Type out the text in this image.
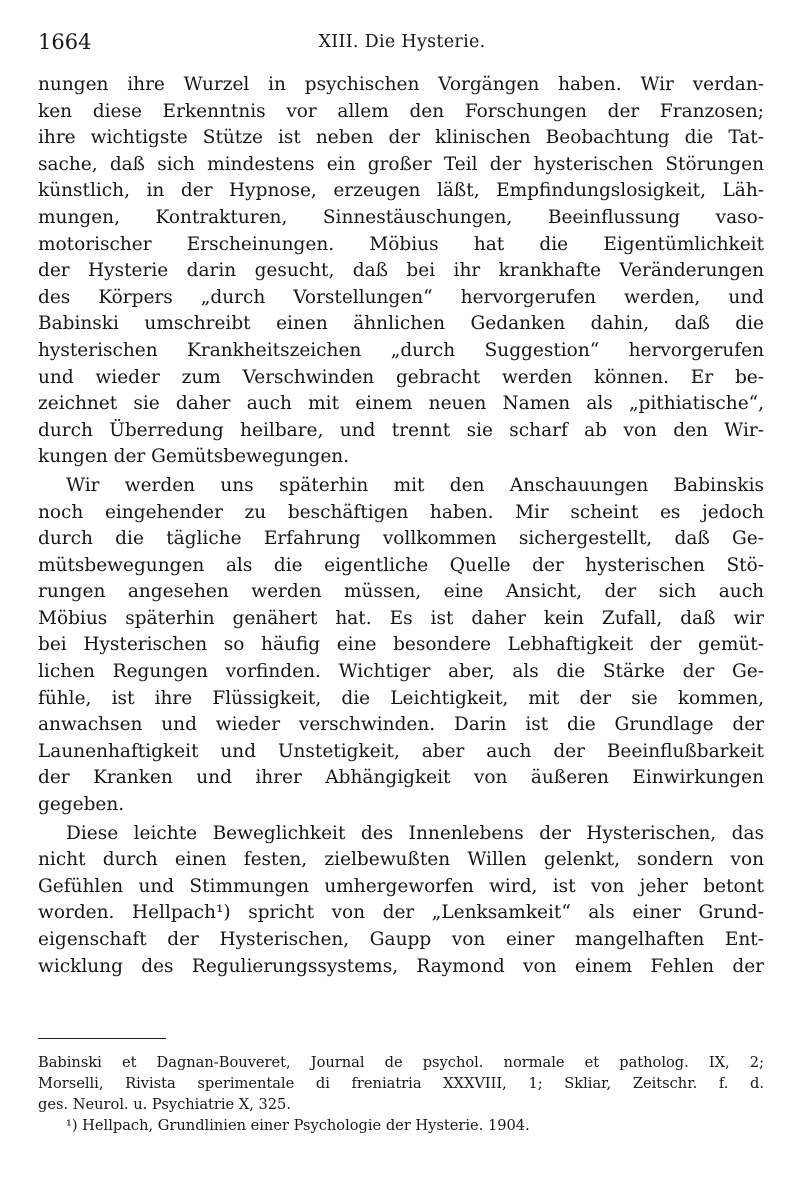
1664	XIII. Die Hysterie.
nungen ihre Wurzel in psychischen Vorgängen haben. Wir verdan-
ken diese Erkenntnis vor allem den Forschungen der Franzosen;
ihre wichtigste Stütze ist neben der klinischen Beobachtung die Tat-
sache, daß sich mindestens ein großer Teil der hysterischen Störungen
künstlich, in der Hypnose, erzeugen läßt, Empfindungslosigkeit, Läh-
mungen, Kontrakturen, Sinnestäuschungen, Beeinflussung vaso-
motorischer Erscheinungen. Möbius hat die Eigentümlichkeit
der Hysterie darin gesucht, daß bei ihr krankhafte Veränderungen
des Körpers „durch Vorstellungen“ hervorgerufen werden, und
Babinski umschreibt einen ähnlichen Gedanken dahin, daß die
hysterischen Krankheitszeichen „durch Suggestion“ hervorgerufen
und wieder zum Verschwinden gebracht werden können. Er be-
zeichnet sie daher auch mit einem neuen Namen als „pithiatische“,
durch Überredung heilbare, und trennt sie scharf ab von den Wir-
kungen der Gemütsbewegungen.
Wir werden uns späterhin mit den Anschauungen Babinskis
noch eingehender zu beschäftigen haben. Mir scheint es jedoch
durch die tägliche Erfahrung vollkommen sichergestellt, daß Ge-
mütsbewegungen als die eigentliche Quelle der hysterischen Stö-
rungen angesehen werden müssen, eine Ansicht, der sich auch
Möbius späterhin genähert hat. Es ist daher kein Zufall, daß wir
bei Hysterischen so häufig eine besondere Lebhaftigkeit der gemüt-
lichen Regungen vorfinden. Wichtiger aber, als die Stärke der Ge-
fühle, ist ihre Flüssigkeit, die Leichtigkeit, mit der sie kommen,
anwachsen und wieder verschwinden. Darin ist die Grundlage der
Launenhaftigkeit und Unstetigkeit, aber auch der Beeinflußbarkeit
der Kranken und ihrer Abhängigkeit von äußeren Einwirkungen
gegeben.
Diese leichte Beweglichkeit des Innenlebens der Hysterischen, das
nicht durch einen festen, zielbewußten Willen gelenkt, sondern von
Gefühlen und Stimmungen umhergeworfen wird, ist von jeher betont
worden. Hellpach¹) spricht von der „Lenksamkeit“ als einer Grund-
eigenschaft der Hysterischen, Gaupp von einer mangelhaften Ent-
wicklung des Regulierungssystems, Raymond von einem Fehlen der
Babinski et Dagnan-Bouveret, Journal de psychol. normale et patholog. IX, 2;
Morselli, Rivista sperimentale di freniatria XXXVIII, 1; Skliar, Zeitschr. f. d.
ges. Neurol. u. Psychiatrie X, 325.
¹) Hellpach, Grundlinien einer Psychologie der Hysterie. 1904.
